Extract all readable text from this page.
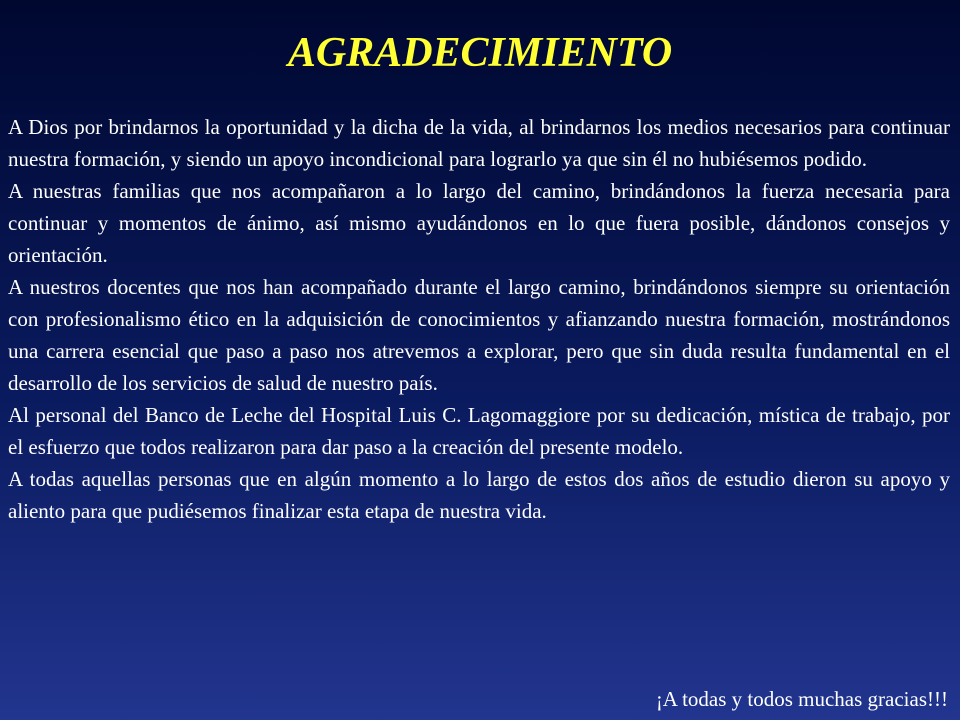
AGRADECIMIENTO

A Dios por brindarnos la oportunidad y la dicha de la vida, al brindarnos los medios necesarios para continuar nuestra formación, y siendo un apoyo incondicional para lograrlo ya que sin él no hubiésemos podido.

A nuestras familias que nos acompañaron a lo largo del camino, brindándonos la fuerza necesaria para continuar y momentos de ánimo, así mismo ayudándonos en lo que fuera posible, dándonos consejos y orientación.

A nuestros docentes que nos han acompañado durante el largo camino, brindándonos siempre su orientación con profesionalismo ético en la adquisición de conocimientos y afianzando nuestra formación, mostrándonos una carrera esencial que paso a paso nos atrevemos a explorar, pero que sin duda resulta fundamental en el desarrollo de los servicios de salud de nuestro país.

Al personal del Banco de Leche del Hospital Luis C. Lagomaggiore por su dedicación, mística de trabajo, por el esfuerzo que todos realizaron para dar paso a la creación del presente modelo.

A todas aquellas personas que en algún momento a lo largo de estos dos años de estudio dieron su apoyo y aliento para que pudiésemos finalizar esta etapa de nuestra vida.

¡A todas y todos muchas gracias!!!
